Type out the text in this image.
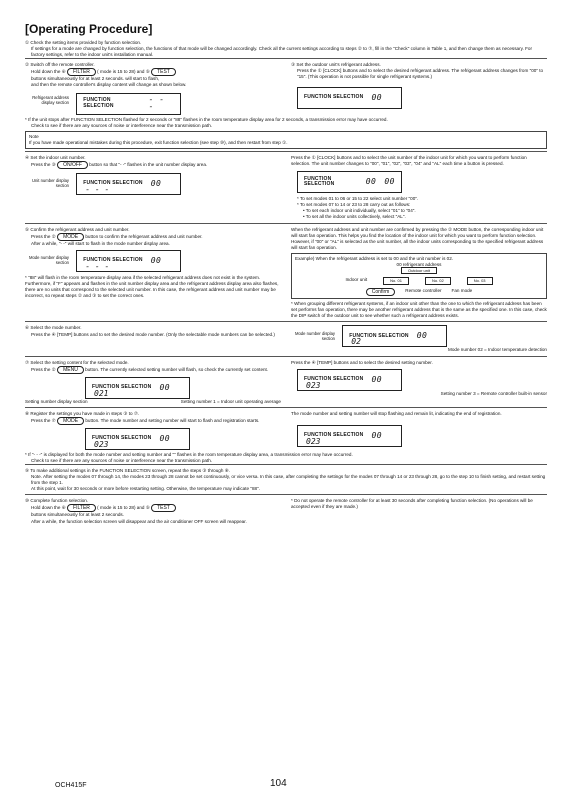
[Operating Procedure]
① Check the setting items provided by function selection.
If settings for a mode are changed by function selection, the functions of that mode will be changed accordingly. Check all the current settings according to steps ② to ⑦, fill in the "Check" column in Table 1, and then change them as necessary. For factory settings, refer to the indoor unit's installation manual.
② Switch off the remote controller.
Hold down the ⑥ FILTER ( mode is 15 to 28) and ⑤ TEST
buttons simultaneously for at least 2 seconds. will start to flash,
and then the remote controller's display content will change as shown below.
Refrigerant address display section	FUNCTION SELECTION
- - -
③ Set the outdoor unit's refrigerant address.
Press the ① [CLOCK] buttons and to select the desired refrigerant address. The refrigerant address changes from "00" to "15". (This operation is not possible for single refrigerant systems.)
FUNCTION SELECTION 00
* If the unit stops after FUNCTION SELECTION flashed for 2 seconds or "88" flashes in the room temperature display area for 2 seconds, a transmission error may have occurred.
Check to see if there are any sources of noise or interference near the transmission path.
Note
If you have made operational mistakes during this procedure, exit function selection (see step ⑩), and then restart from step ①.
④ Set the indoor unit number.
Press the ③ ON/OFF button so that "- -" flashes in the unit number display area.
Unit number display section	FUNCTION SELECTION 00
- - -
Press the ① [CLOCK] buttons and to select the unit number of the indoor unit for which you want to perform function selection. The unit number changes to "00", "01", "02", "03", "04" and "AL" each time a button is pressed.
FUNCTION SELECTION	00 00
* To set modes 01 to 06 or 15 to 22 select unit number "00".
* To set modes 07 to 14 or 23 to 28 carry out as follows:
• To set each indoor unit individually, select "01" to "04".
• To set all the indoor units collectively, select "AL".
⑤ Confirm the refrigerant address and unit number.
Press the ② MODE button to confirm the refrigerant address and unit number.
After a while, "- -" will start to flash in the mode number display area.
Mode number display section	FUNCTION SELECTION 00
- - -
* "88" will flash in the room temperature display area if the selected refrigerant address does not exist in the system. Furthermore, if "F" appears and flashes in the unit number display area and the refrigerant address display area also flashes, there are no units that correspond to the selected unit number. In this case, the refrigerant address and unit number may be incorrect, so repeat steps ② and ③ to set the correct ones.
When the refrigerant address and unit number are confirmed by pressing the ② MODE button, the corresponding indoor unit will start fan operation. This helps you find the location of the indoor unit for which you want to perform function selection. However, if "00" or "AL" is selected as the unit number, all the indoor units corresponding to the specified refrigerant address will start fan operation.
Example) When the refrigerant address is set to 00 and the unit number is 02.
00 refrigerant address
Outdoor unit
Indoor unit	No. 01	No. 02	No. 03
Confirm	Remote controller Fan mode
* When grouping different refrigerant systems, if an indoor unit other than the one to which the refrigerant address has been set performs fan operation, there may be another refrigerant address that is the same as the specified one. In this case, check the DIP switch of the outdoor unit to see whether such a refrigerant address exists.
⑥ Select the mode number.
Press the ④ [TEMP] buttons and to set the desired mode number. (Only the selectable mode numbers can be selected.)	Mode number display section	FUNCTION SELECTION 00
02
Mode number 02 = Indoor temperature detection
⑦ Select the setting content for the selected mode.
Press the ② MENU button. The currently selected setting number will flash, so check the currently set content.
FUNCTION SELECTION 00
021
Setting number display section	Setting number 1 = Indoor unit operating average
Press the ④ [TEMP] buttons and to select the desired setting number.
FUNCTION SELECTION 00
023
Setting number 3 = Remote controller built-in sensor
⑧ Register the settings you have made in steps ③ to ⑦.
Press the ⑦ MODE button. The mode number and setting number will start to flash and registration starts.
FUNCTION SELECTION 00
023
The mode number and setting number will stop flashing and remain lit, indicating the end of registration.
FUNCTION SELECTION 00
023
* If "- - -" is displayed for both the mode number and setting number and "" flashes in the room temperature display area, a transmission error may have occurred.
Check to see if there are any sources of noise or interference near the transmission path.
⑨ To make additional settings in the FUNCTION SELECTION screen, repeat the steps ③ through ⑧.
Note. After setting the modes 07 through 14, the modes 23 through 28 cannot be set continuously, or vice versa. In this case, after completing the settings for the modes 07 through 14 or 23 through 28, go to the step 10 to finish setting, and restart setting from the step 1.
At this point, wait for 30 seconds or more before restarting setting. Otherwise, the temperature may indicate "88".
⑩ Complete function selection.
Hold down the ⑥ FILTER ( mode is 15 to 28) and ⑤ TEST
buttons simultaneously for at least 2 seconds.
After a while, the function selection screen will disappear and the air conditioner OFF screen will reappear.
* Do not operate the remote controller for at least 30 seconds after completing function selection. (No operations will be accepted even if they are made.)
OCH415F	104
